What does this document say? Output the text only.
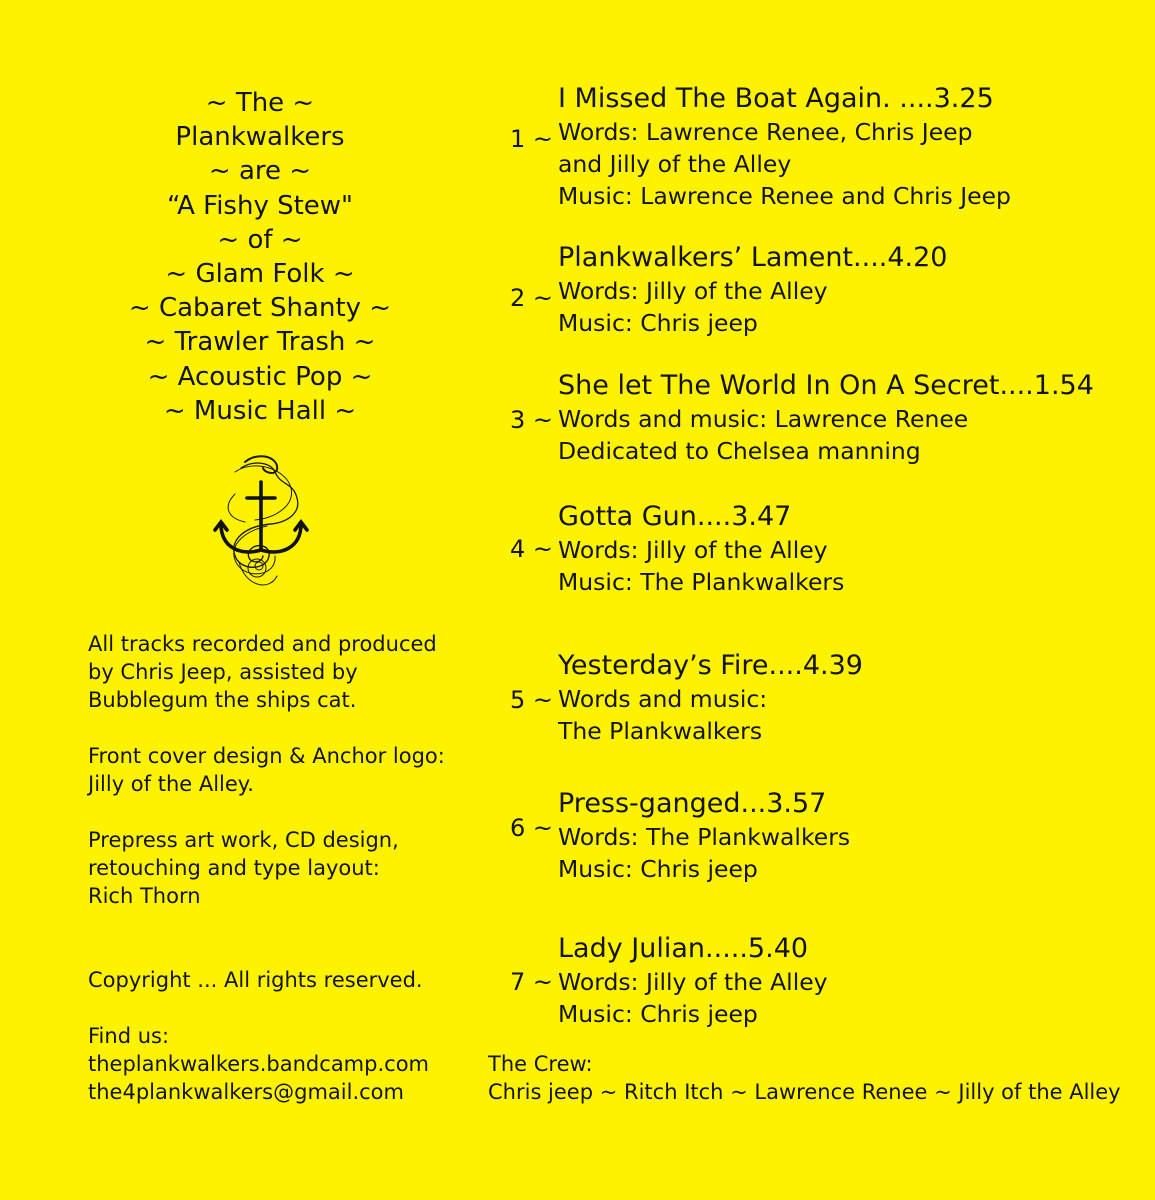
~ The ~
Plankwalkers
~ are ~
“A Fishy Stew"
~ of ~
~ Glam Folk ~
~ Cabaret Shanty ~
~ Trawler Trash ~
~ Acoustic Pop ~
~ Music Hall ~
All tracks recorded and produced
by Chris Jeep, assisted by
Bubblegum the ships cat.
Front cover design & Anchor logo:
Jilly of the Alley.
Prepress art work, CD design,
retouching and type layout:
Rich Thorn
Copyright ... All rights reserved.
Find us:
theplankwalkers.bandcamp.com
the4plankwalkers@gmail.com
1 ~
I Missed The Boat Again. ....3.25
Words: Lawrence Renee, Chris Jeep
and Jilly of the Alley
Music: Lawrence Renee and Chris Jeep
2 ~
Plankwalkers’ Lament....4.20
Words: Jilly of the Alley
Music: Chris jeep
3 ~
She let The World In On A Secret....1.54
Words and music: Lawrence Renee
Dedicated to Chelsea manning
4 ~
Gotta Gun....3.47
Words: Jilly of the Alley
Music: The Plankwalkers
5 ~
Yesterday’s Fire....4.39
Words and music:
The Plankwalkers
6 ~
Press-ganged...3.57
Words: The Plankwalkers
Music: Chris jeep
7 ~
Lady Julian.....5.40
Words: Jilly of the Alley
Music: Chris jeep
The Crew:
Chris jeep ~ Ritch Itch ~ Lawrence Renee ~ Jilly of the Alley
